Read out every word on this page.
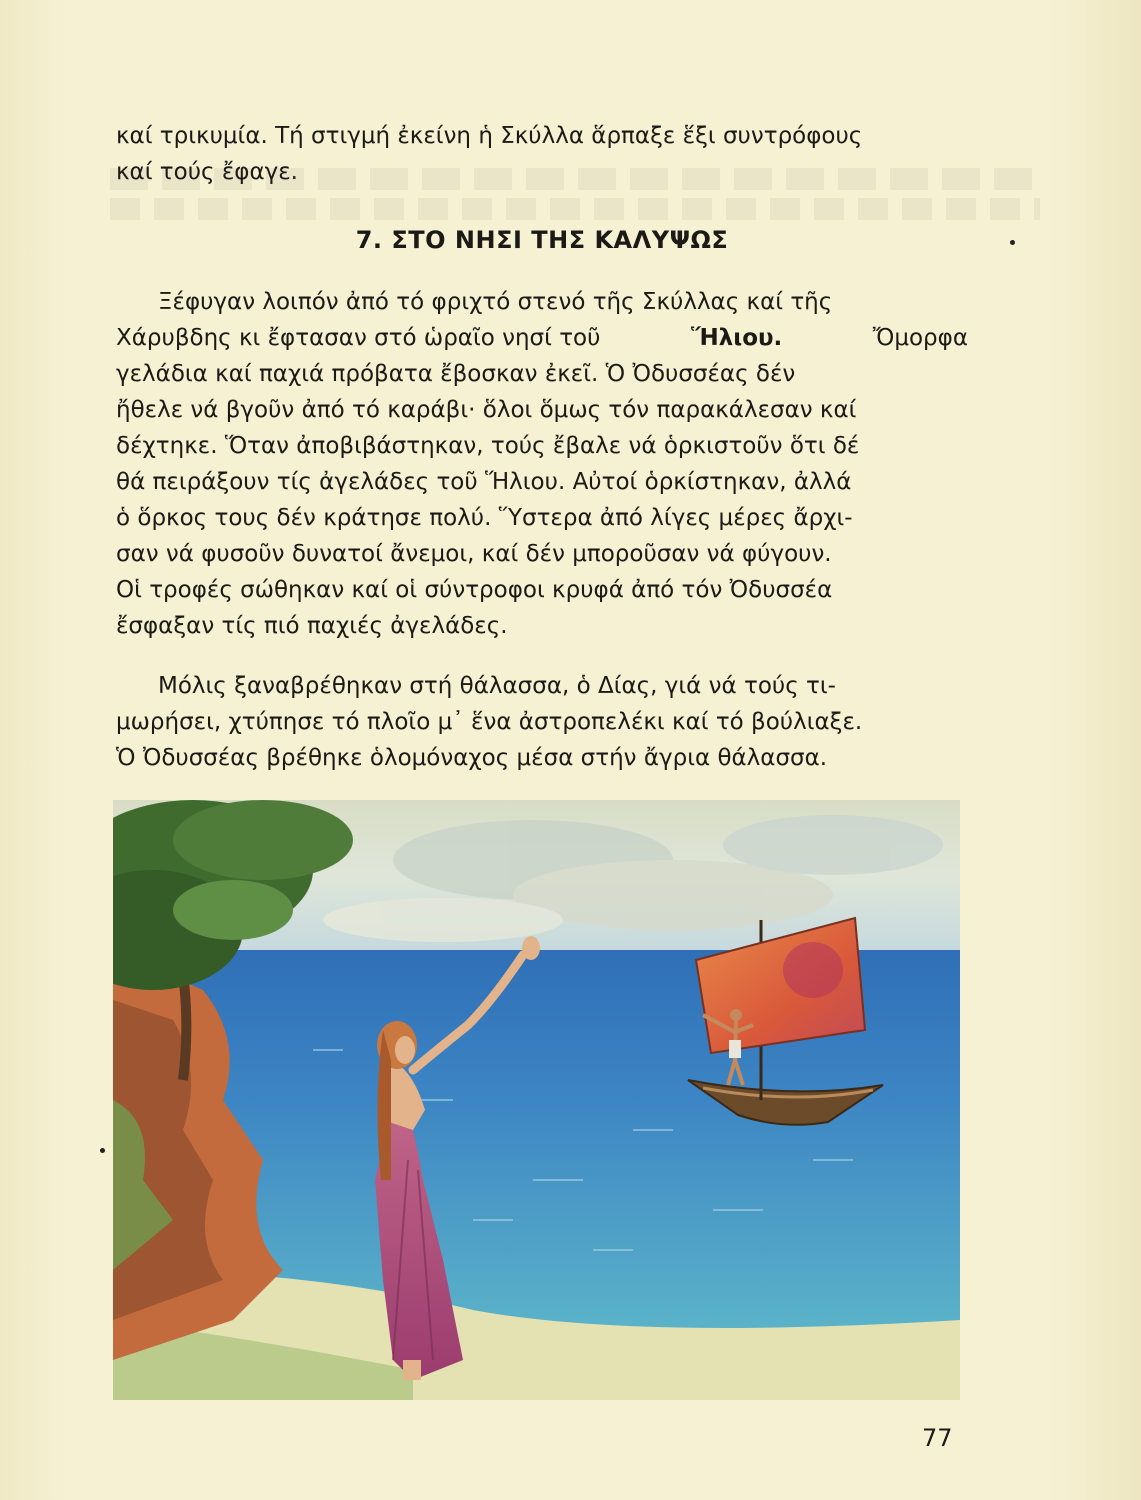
καί τρικυμία. Τή στιγμή ἐκείνη ἡ Σκύλλα ἅρπαξε ἕξι συντρόφους
καί τούς ἔφαγε.
7. ΣΤΟ ΝΗΣΙ ΤΗΣ ΚΑΛΥΨΩΣ
Ξέφυγαν λοιπόν ἀπό τό φριχτό στενό τῆς Σκύλλας καί τῆς
Χάρυβδης κι ἔφτασαν στό ὡραῖο νησί τοῦ	Ἥλιου.	Ὄμορφα
γελάδια καί παχιά πρόβατα ἔβοσκαν ἐκεῖ. Ὁ Ὀδυσσέας δέν
ἤθελε νά βγοῦν ἀπό τό καράβι· ὅλοι ὅμως τόν παρακάλεσαν καί
δέχτηκε. Ὅταν ἀποβιβάστηκαν, τούς ἔβαλε νά ὁρκιστοῦν ὅτι δέ
θά πειράξουν τίς ἀγελάδες τοῦ Ἥλιου. Αὐτοί ὁρκίστηκαν, ἀλλά
ὁ ὅρκος τους δέν κράτησε πολύ. Ὕστερα ἀπό λίγες μέρες ἄρχι-
σαν νά φυσοῦν δυνατοί ἄνεμοι, καί δέν μποροῦσαν νά φύγουν.
Οἱ τροφές σώθηκαν καί οἱ σύντροφοι κρυφά ἀπό τόν Ὀδυσσέα
ἔσφαξαν τίς πιό παχιές ἀγελάδες.
Μόλις ξαναβρέθηκαν στή θάλασσα, ὁ Δίας, γιά νά τούς τι-
μωρήσει, χτύπησε τό πλοῖο μ᾽ ἕνα ἀστροπελέκι καί τό βούλιαξε.
Ὁ Ὀδυσσέας βρέθηκε ὁλομόναχος μέσα στήν ἄγρια θάλασσα.
77
